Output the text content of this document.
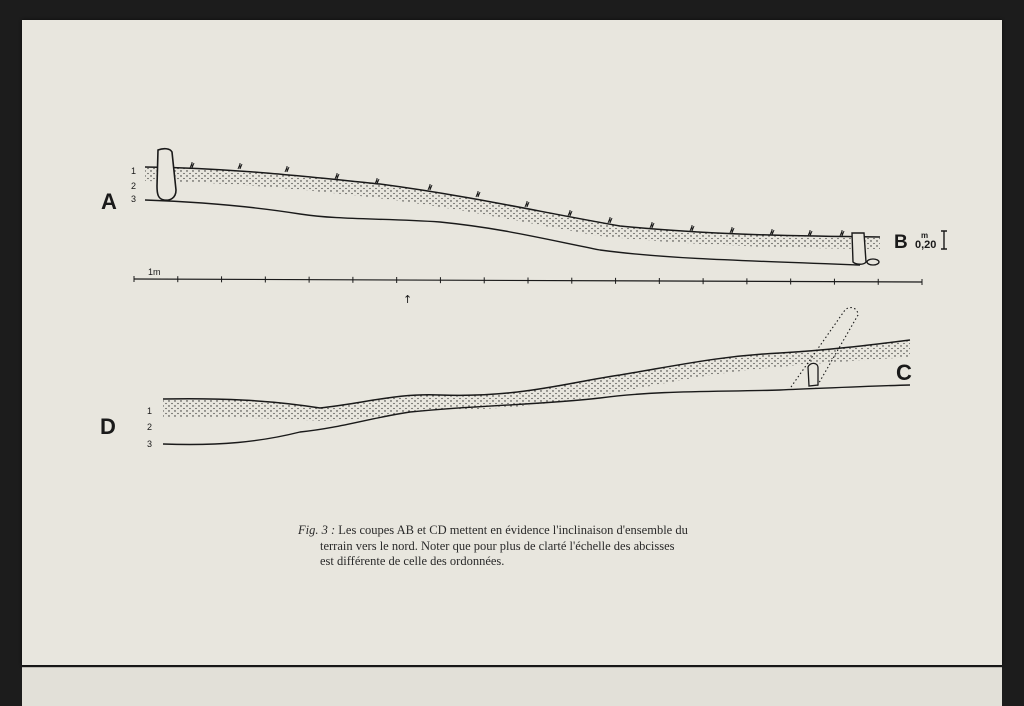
1
2
3
A
B m
0,20
1m
↑
1
2
3
D
C
Fig. 3 : Les coupes AB et CD mettent en évidence l'inclinaison d'ensemble du
terrain vers le nord. Noter que pour plus de clarté l'échelle des abcisses
est différente de celle des ordonnées.
